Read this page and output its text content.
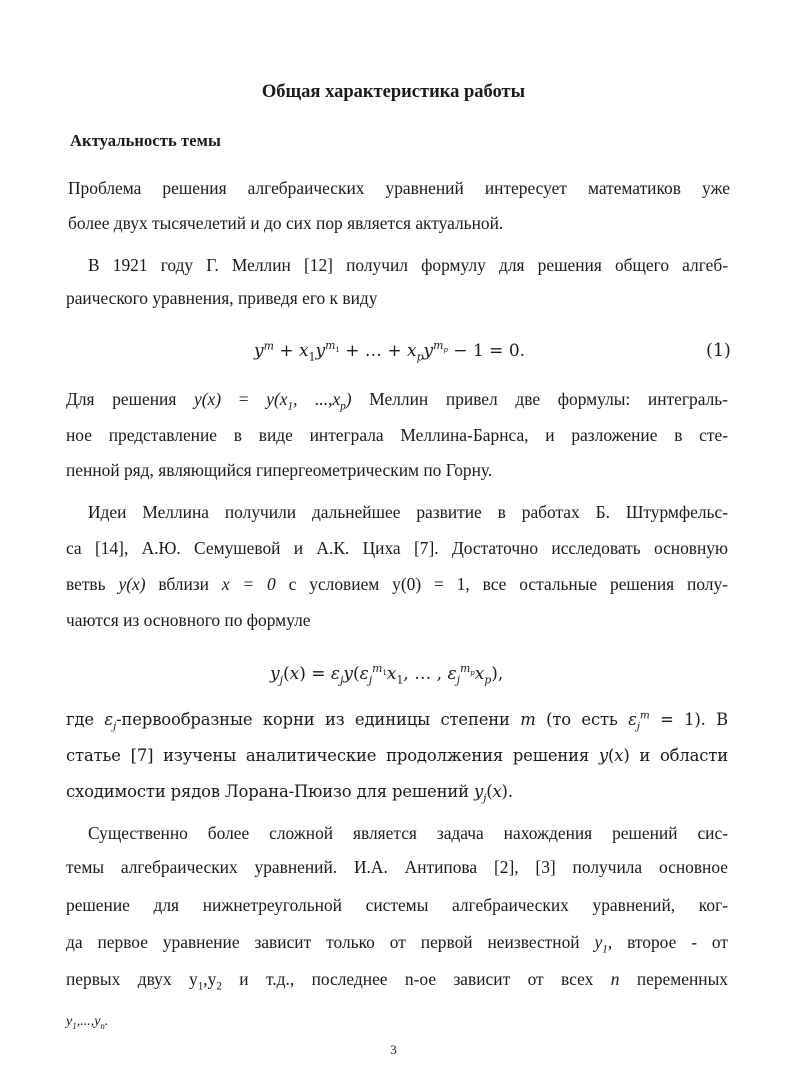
Общая характеристика работы
Актуальность темы
Проблема решения алгебраических уравнений интересует математиков уже
более двух тысячелетий и до сих пор является актуальной.
В 1921 году Г. Меллин [12] получил формулу для решения общего алгеб-
раического уравнения, приведя его к виду
$y^m + x_1y^{m_1}$ + … + $x_py^{m_p} - 1 = 0$.	(1)
Для решения $y(x) = y(x_1$, $...,x_p$) Меллин привел две формулы: интеграль-
ное представление в виде интеграла Меллина-Барнса, и разложение в сте-
пенной ряд, являющийся гипергеометрическим по Горну.
Идеи Меллина получили дальнейшее развитие в работах Б. Штурмфельс-
са [14], А.Ю. Семушевой и А.К. Циха [7]. Достаточно исследовать основную
ветвь y(x) вблизи x = 0 с условием y(0) = 1, все остальные решения полу-
чаются из основного по формуле
$y_j(x) = \varepsilon_jy(\varepsilon_j^{m_1}x_1$, … , $\varepsilon_j^{m_p}x_p$),
где $\varepsilon_j$-первообразные корни из единицы степени m (то есть $\varepsilon_j^m = 1$). В
статье [7] изучены аналитические продолжения решения y(x) и области
сходимости рядов Лорана-Пюизо для решений $y_j(x)$.
Существенно более сложной является задача нахождения решений сис-
темы алгебраических уравнений. И.А. Антипова [2], [3] получила основное
решение для нижнетреугольной системы алгебраических уравнений, ког-
да первое уравнение зависит только от первой неизвестной $y_1$, второе - от
первых двух $y_1,y_2$ и т.д., последнее n-ое зависит от всех n переменных
$y_1,...,y_n$.
3
